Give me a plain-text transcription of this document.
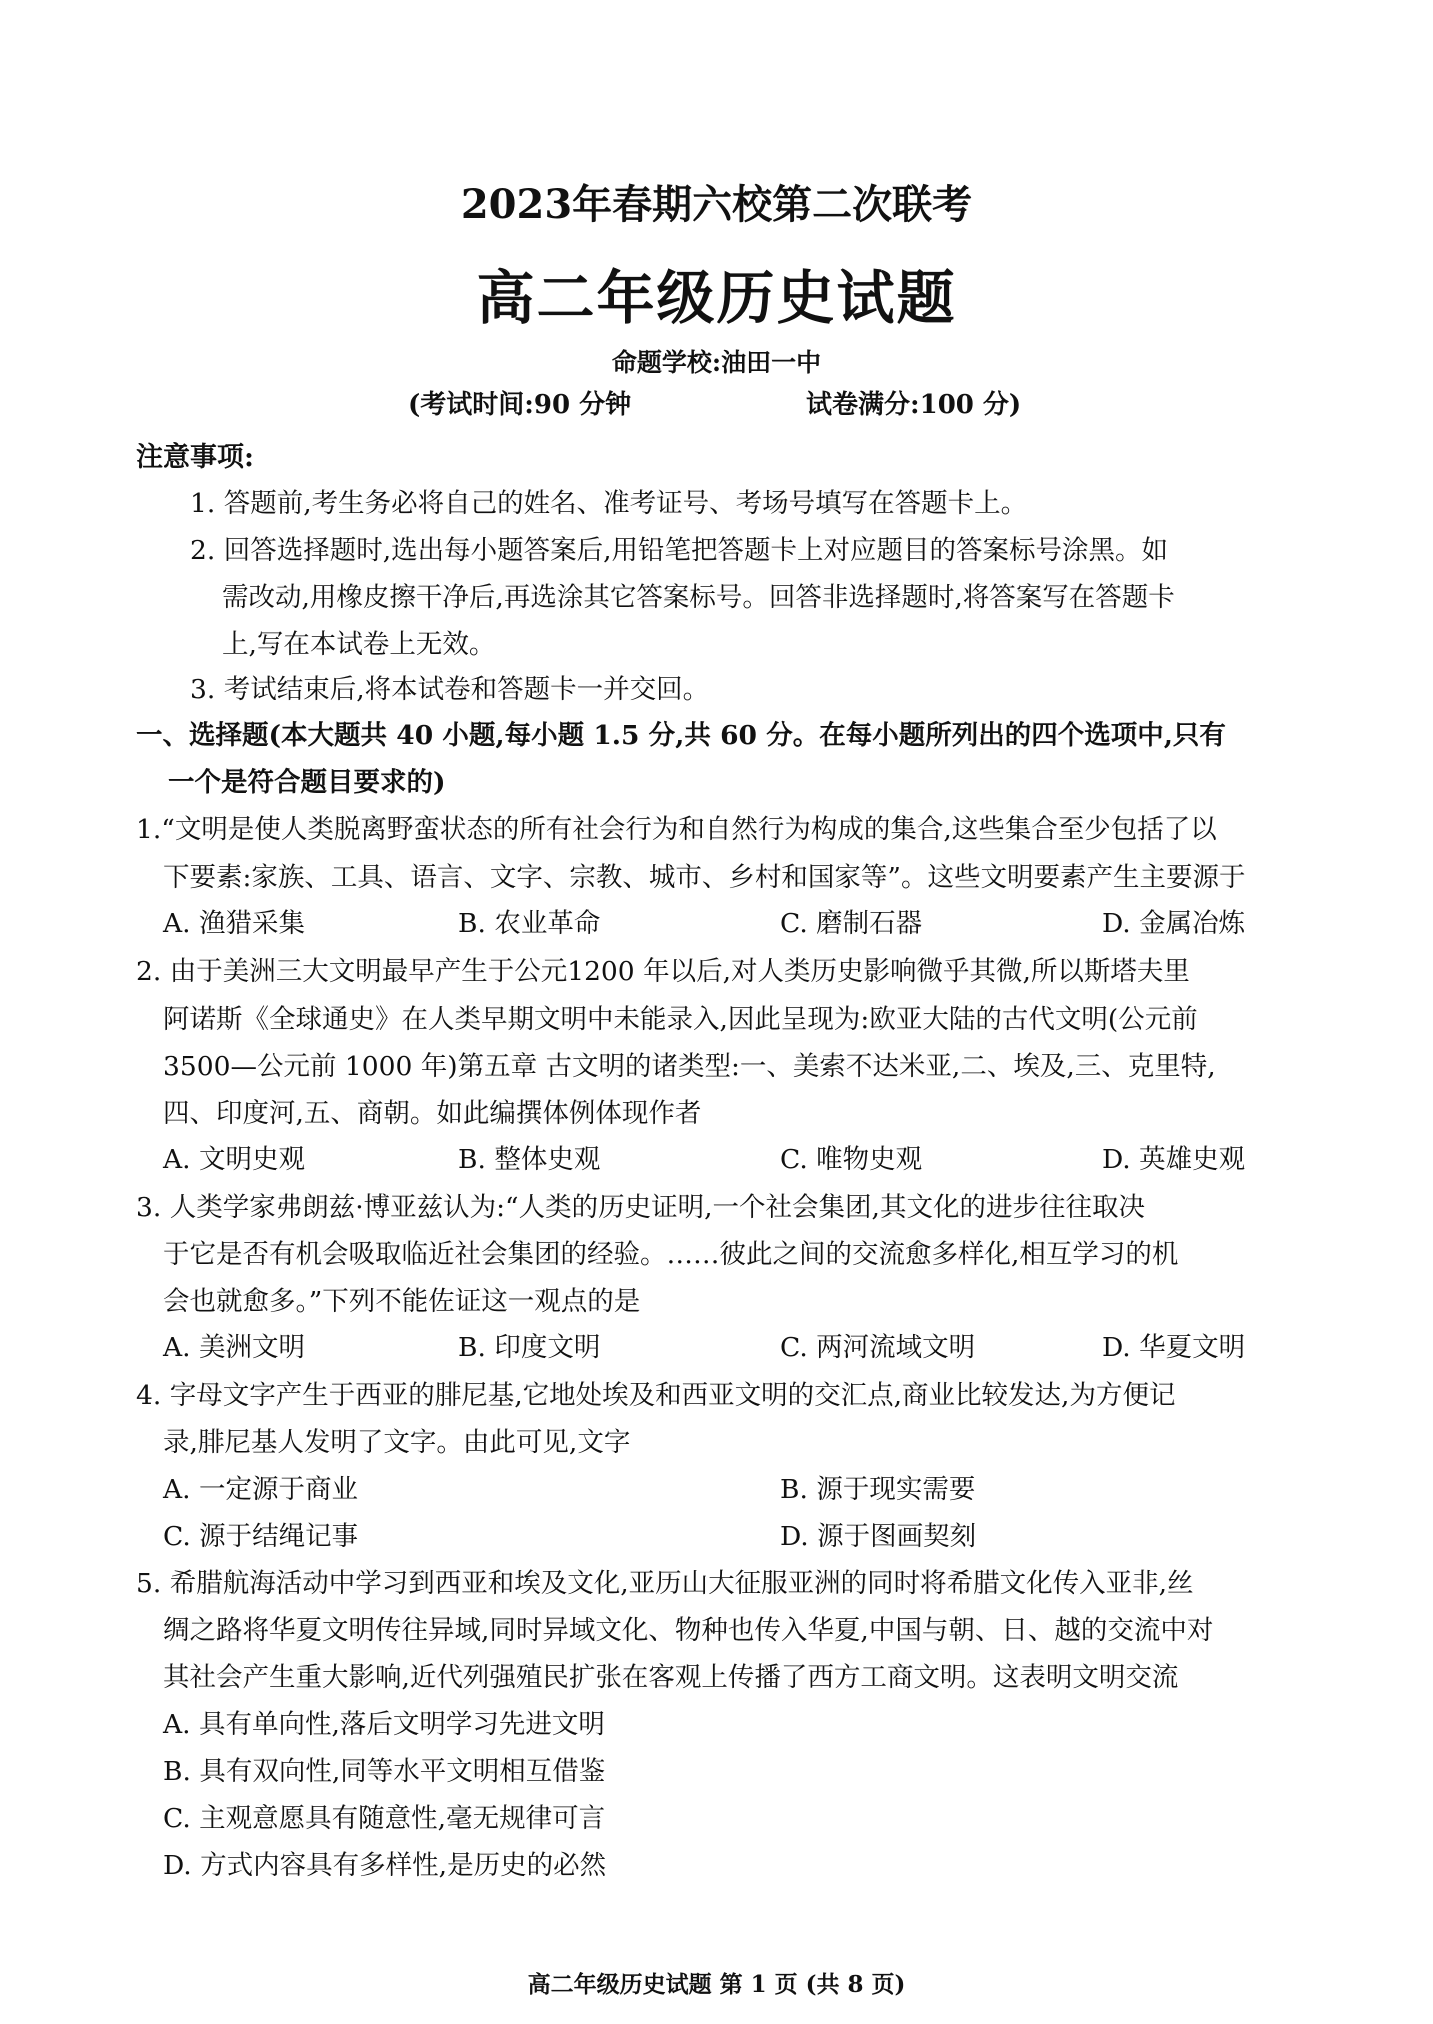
2023年春期六校第二次联考
高二年级历史试题
命题学校:油田一中
(考试时间:90 分钟	试卷满分:100 分)
注意事项:
1. 答题前,考生务必将自己的姓名、准考证号、考场号填写在答题卡上。
2. 回答选择题时,选出每小题答案后,用铅笔把答题卡上对应题目的答案标号涂黑。如
需改动,用橡皮擦干净后,再选涂其它答案标号。回答非选择题时,将答案写在答题卡
上,写在本试卷上无效。
3. 考试结束后,将本试卷和答题卡一并交回。
一、选择题(本大题共 40 小题,每小题 1.5 分,共 60 分。在每小题所列出的四个选项中,只有
一个是符合题目要求的)
1.“文明是使人类脱离野蛮状态的所有社会行为和自然行为构成的集合,这些集合至少包括了以
下要素:家族、工具、语言、文字、宗教、城市、乡村和国家等”。这些文明要素产生主要源于
A. 渔猎采集	B. 农业革命	C. 磨制石器	D. 金属冶炼
2. 由于美洲三大文明最早产生于公元1200 年以后,对人类历史影响微乎其微,所以斯塔夫里
阿诺斯《全球通史》在人类早期文明中未能录入,因此呈现为:欧亚大陆的古代文明(公元前
3500—公元前 1000 年)第五章 古文明的诸类型:一、美索不达米亚,二、埃及,三、克里特,
四、印度河,五、商朝。如此编撰体例体现作者
A. 文明史观	B. 整体史观	C. 唯物史观	D. 英雄史观
3. 人类学家弗朗兹·博亚兹认为:“人类的历史证明,一个社会集团,其文化的进步往往取决
于它是否有机会吸取临近社会集团的经验。……彼此之间的交流愈多样化,相互学习的机
会也就愈多。”下列不能佐证这一观点的是
A. 美洲文明	B. 印度文明	C. 两河流域文明	D. 华夏文明
4. 字母文字产生于西亚的腓尼基,它地处埃及和西亚文明的交汇点,商业比较发达,为方便记
录,腓尼基人发明了文字。由此可见,文字
A. 一定源于商业	B. 源于现实需要
C. 源于结绳记事	D. 源于图画契刻
5. 希腊航海活动中学习到西亚和埃及文化,亚历山大征服亚洲的同时将希腊文化传入亚非,丝
绸之路将华夏文明传往异域,同时异域文化、物种也传入华夏,中国与朝、日、越的交流中对
其社会产生重大影响,近代列强殖民扩张在客观上传播了西方工商文明。这表明文明交流
A. 具有单向性,落后文明学习先进文明
B. 具有双向性,同等水平文明相互借鉴
C. 主观意愿具有随意性,毫无规律可言
D. 方式内容具有多样性,是历史的必然
高二年级历史试题 第 1 页 (共 8 页)
